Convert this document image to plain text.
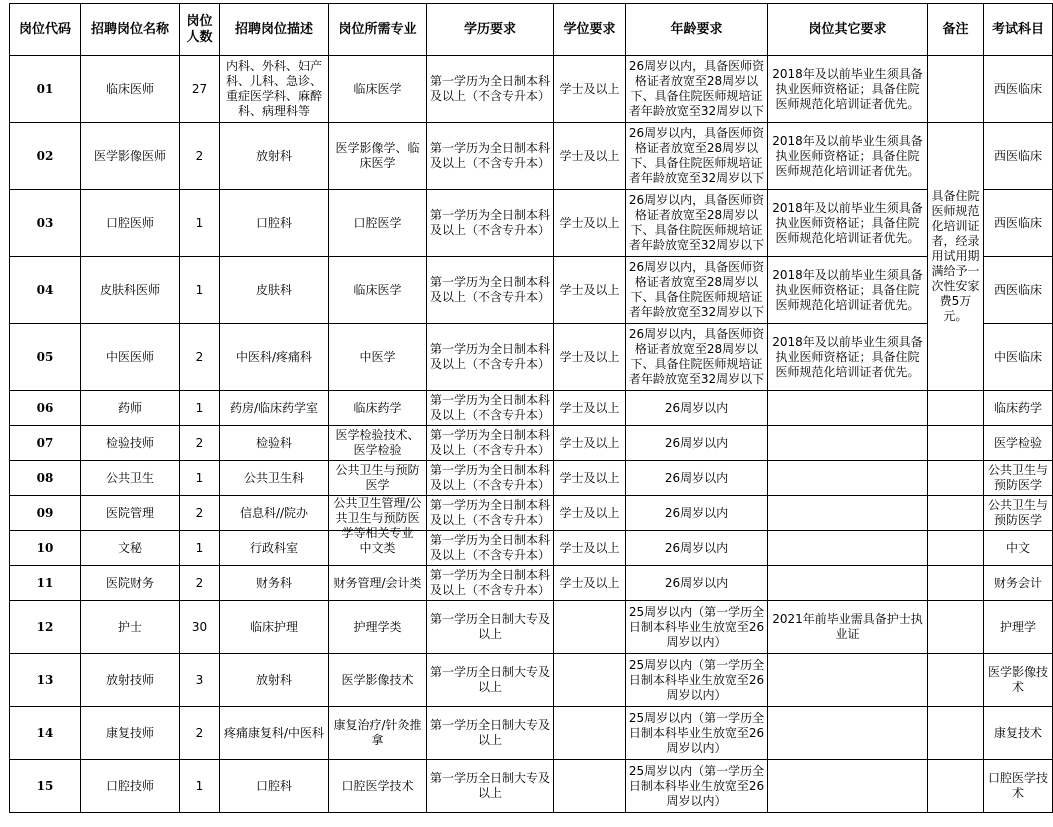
岗位代码	招聘岗位名称	岗位人数	招聘岗位描述	岗位所需专业	学历要求	学位要求	年龄要求	岗位其它要求	备注	考试科目
01	临床医师	27	内科、外科、妇产科、儿科、急诊、重症医学科、麻醉科、病理科等	临床医学	第一学历为全日制本科及以上（不含专升本）	学士及以上	26周岁以内，具备医师资格证者放宽至28周岁以下、具备住院医师规培证者年龄放宽至32周岁以下	2018年及以前毕业生须具备执业医师资格证；具备住院医师规范化培训证者优先。		西医临床
02	医学影像医师	2	放射科	医学影像学、临床医学	第一学历为全日制本科及以上（不含专升本）	学士及以上	26周岁以内，具备医师资格证者放宽至28周岁以下、具备住院医师规培证者年龄放宽至32周岁以下	2018年及以前毕业生须具备执业医师资格证；具备住院医师规范化培训证者优先。	具备住院医师规范化培训证者，经录用试用期满给予一次性安家费5万元。	西医临床
03	口腔医师	1	口腔科	口腔医学	第一学历为全日制本科及以上（不含专升本）	学士及以上	26周岁以内，具备医师资格证者放宽至28周岁以下、具备住院医师规培证者年龄放宽至32周岁以下	2018年及以前毕业生须具备执业医师资格证；具备住院医师规范化培训证者优先。		西医临床
04	皮肤科医师	1	皮肤科	临床医学	第一学历为全日制本科及以上（不含专升本）	学士及以上	26周岁以内，具备医师资格证者放宽至28周岁以下、具备住院医师规培证者年龄放宽至32周岁以下	2018年及以前毕业生须具备执业医师资格证；具备住院医师规范化培训证者优先。		西医临床
05	中医医师	2	中医科/疼痛科	中医学	第一学历为全日制本科及以上（不含专升本）	学士及以上	26周岁以内，具备医师资格证者放宽至28周岁以下、具备住院医师规培证者年龄放宽至32周岁以下	2018年及以前毕业生须具备执业医师资格证；具备住院医师规范化培训证者优先。		中医临床
06	药师	1	药房/临床药学室	临床药学	第一学历为全日制本科及以上（不含专升本）	学士及以上	26周岁以内			临床药学
07	检验技师	2	检验科	医学检验技术、医学检验	第一学历为全日制本科及以上（不含专升本）	学士及以上	26周岁以内			医学检验
08	公共卫生	1	公共卫生科	公共卫生与预防医学	第一学历为全日制本科及以上（不含专升本）	学士及以上	26周岁以内			公共卫生与预防医学
09	医院管理	2	信息科//院办	公共卫生管理/公共卫生与预防医学等相关专业	第一学历为全日制本科及以上（不含专升本）	学士及以上	26周岁以内			公共卫生与预防医学
10	文秘	1	行政科室	中文类	第一学历为全日制本科及以上（不含专升本）	学士及以上	26周岁以内			中文
11	医院财务	2	财务科	财务管理/会计类	第一学历为全日制本科及以上（不含专升本）	学士及以上	26周岁以内			财务会计
12	护士	30	临床护理	护理学类	第一学历全日制大专及以上		25周岁以内（第一学历全日制本科毕业生放宽至26周岁以内）	2021年前毕业需具备护士执业证		护理学
13	放射技师	3	放射科	医学影像技术	第一学历全日制大专及以上		25周岁以内（第一学历全日制本科毕业生放宽至26周岁以内）			医学影像技术
14	康复技师	2	疼痛康复科/中医科	康复治疗/针灸推拿	第一学历全日制大专及以上		25周岁以内（第一学历全日制本科毕业生放宽至26周岁以内）			康复技术
15	口腔技师	1	口腔科	口腔医学技术	第一学历全日制大专及以上		25周岁以内（第一学历全日制本科毕业生放宽至26周岁以内）			口腔医学技术
